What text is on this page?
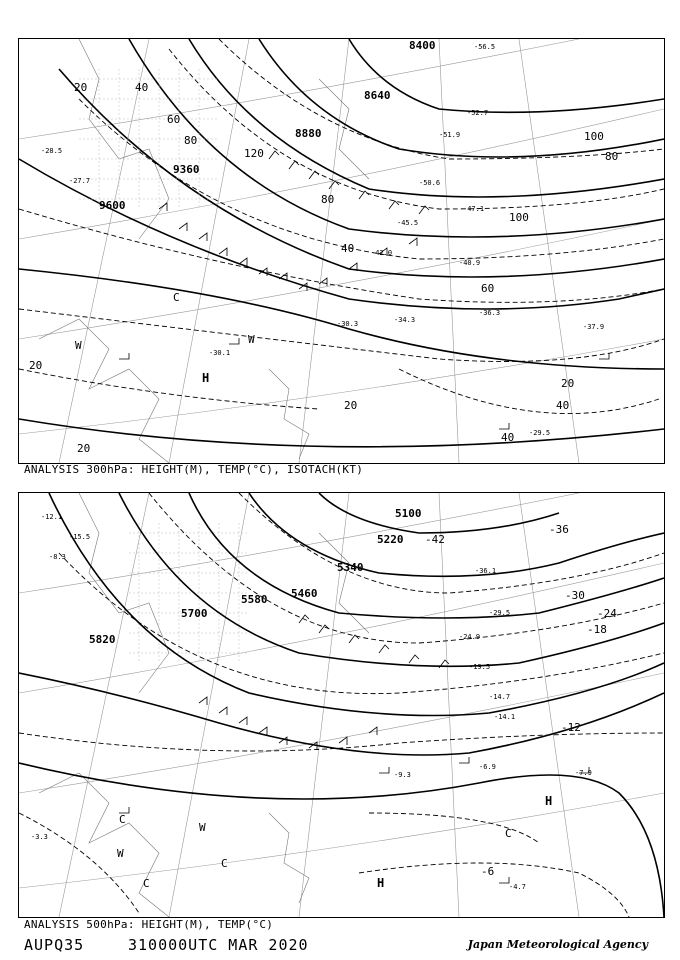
8400
8640
8880
9360
9600
20	40
60
80
100
120
80
40
60
100
80
20
40
20
20
20
40
-56.5
-52.7
-51.9
-50.6
-47.1
-45.5
-42.0
-40.9
-36.3
-37.9
-34.3
-30.3
-29.5
-30.1
-27.7
-28.5
H
C
W	W
ANALYSIS 300hPa: HEIGHT(M), TEMP(°C), ISOTACH(KT)
5100
5220
5340
5460
5580
5700
5820
-42
-36
-30
-24
-18
-12
-6
-36.1
-29.5
-24.9
-19.5
-14.7
-14.1
-9.3
-6.9
-7.9
-4.7
-12.1
-15.5
-8.3
-3.3
H
H
C
C
C
W
W
C
ANALYSIS 500hPa: HEIGHT(M), TEMP(°C)
AUPQ35	310000UTC MAR 2020	Japan Meteorological Agency
